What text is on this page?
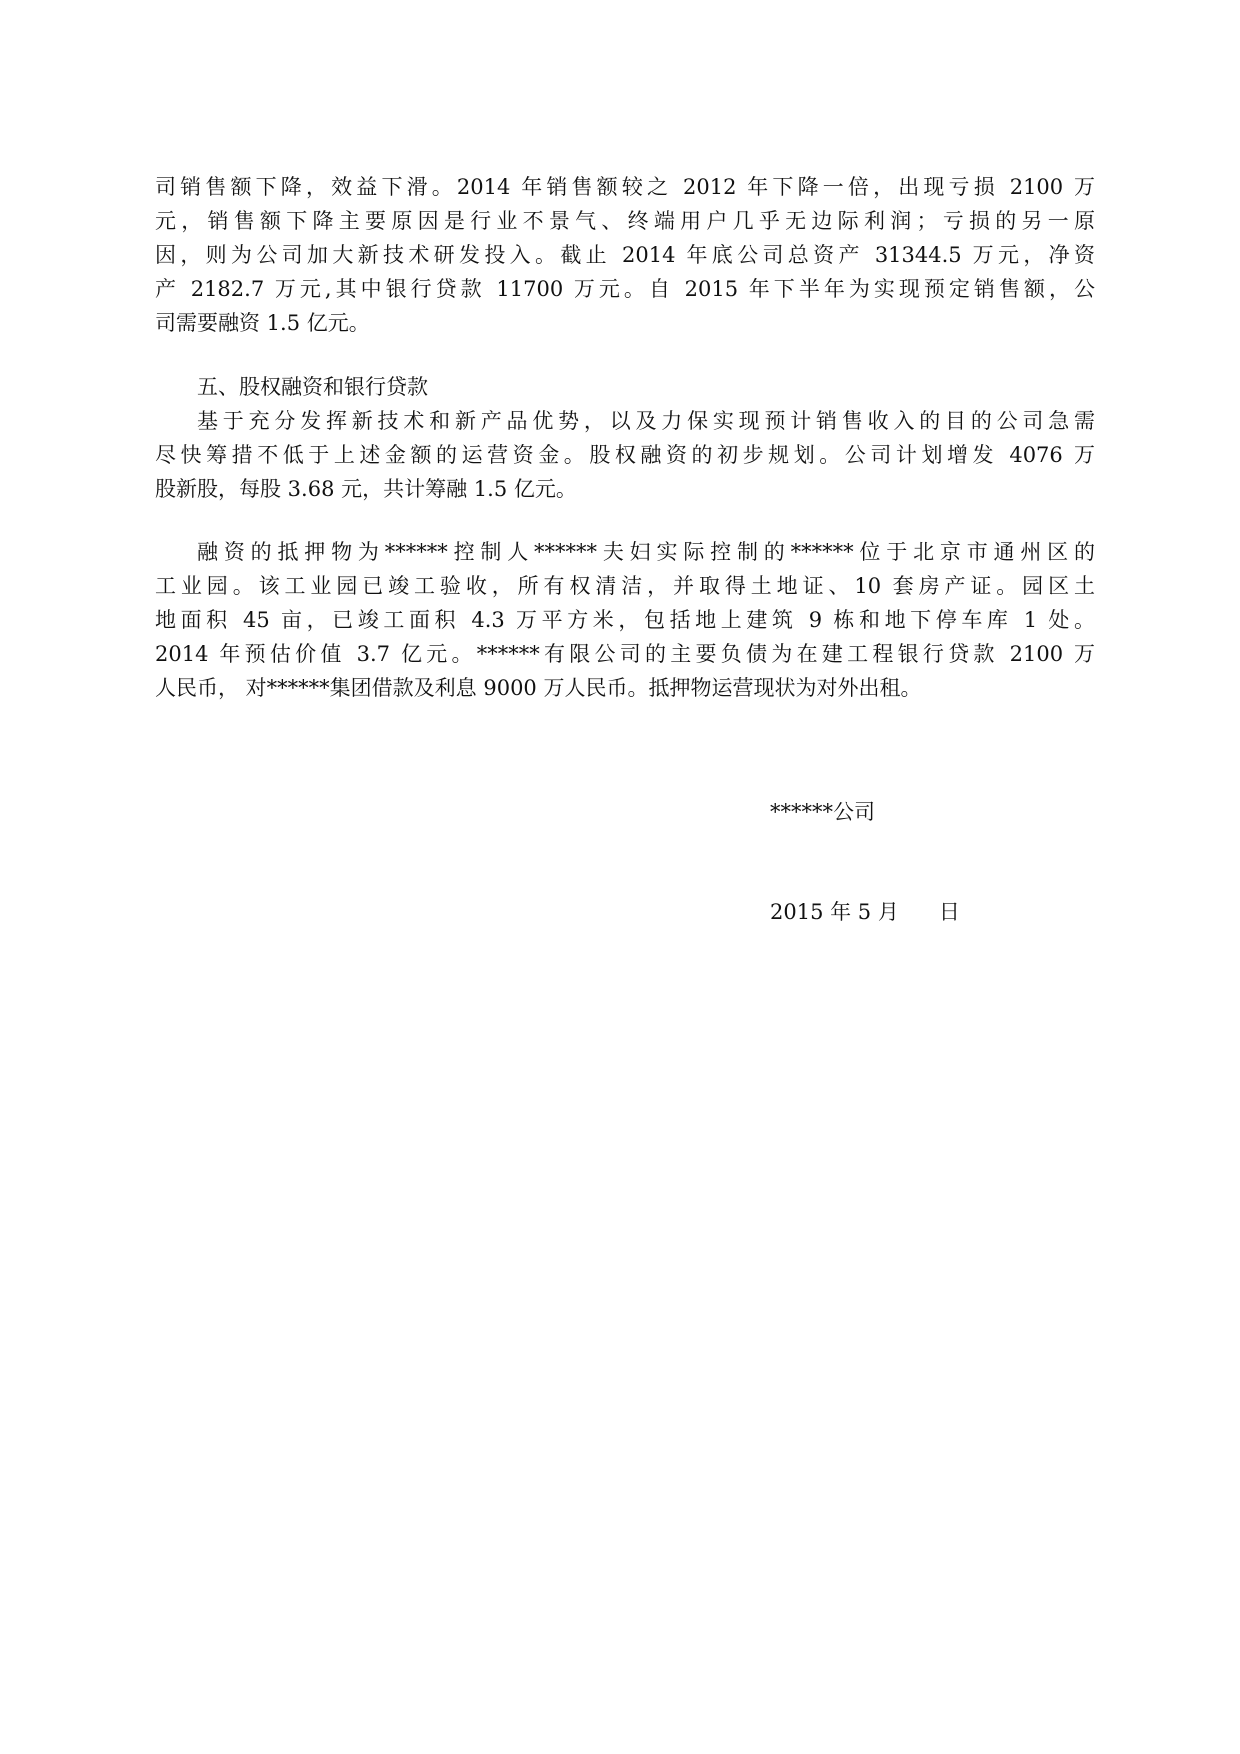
司销售额下降，效益下滑。2014 年销售额较之 2012 年下降一倍，出现亏损 2100 万
元，销售额下降主要原因是行业不景气、终端用户几乎无边际利润；亏损的另一原
因，则为公司加大新技术研发投入。截止 2014 年底公司总资产 31344.5 万元，净资
产 2182.7 万元,其中银行贷款 11700 万元。自 2015 年下半年为实现预定销售额，公
司需要融资 1.5 亿元。
五、股权融资和银行贷款
基于充分发挥新技术和新产品优势，以及力保实现预计销售收入的目的公司急需
尽快筹措不低于上述金额的运营资金。股权融资的初步规划。公司计划增发 4076 万
股新股，每股 3.68 元，共计筹融 1.5 亿元。
融资的抵押物为******控制人******夫妇实际控制的******位于北京市通州区的
工业园。该工业园已竣工验收，所有权清洁，并取得土地证、10 套房产证。园区土
地面积 45 亩，已竣工面积 4.3 万平方米，包括地上建筑 9 栋和地下停车库 1 处。
2014 年预估价值 3.7 亿元。******有限公司的主要负债为在建工程银行贷款 2100 万
人民币， 对******集团借款及利息 9000 万人民币。抵押物运营现状为对外出租。
******公司
2015 年 5 月      日
